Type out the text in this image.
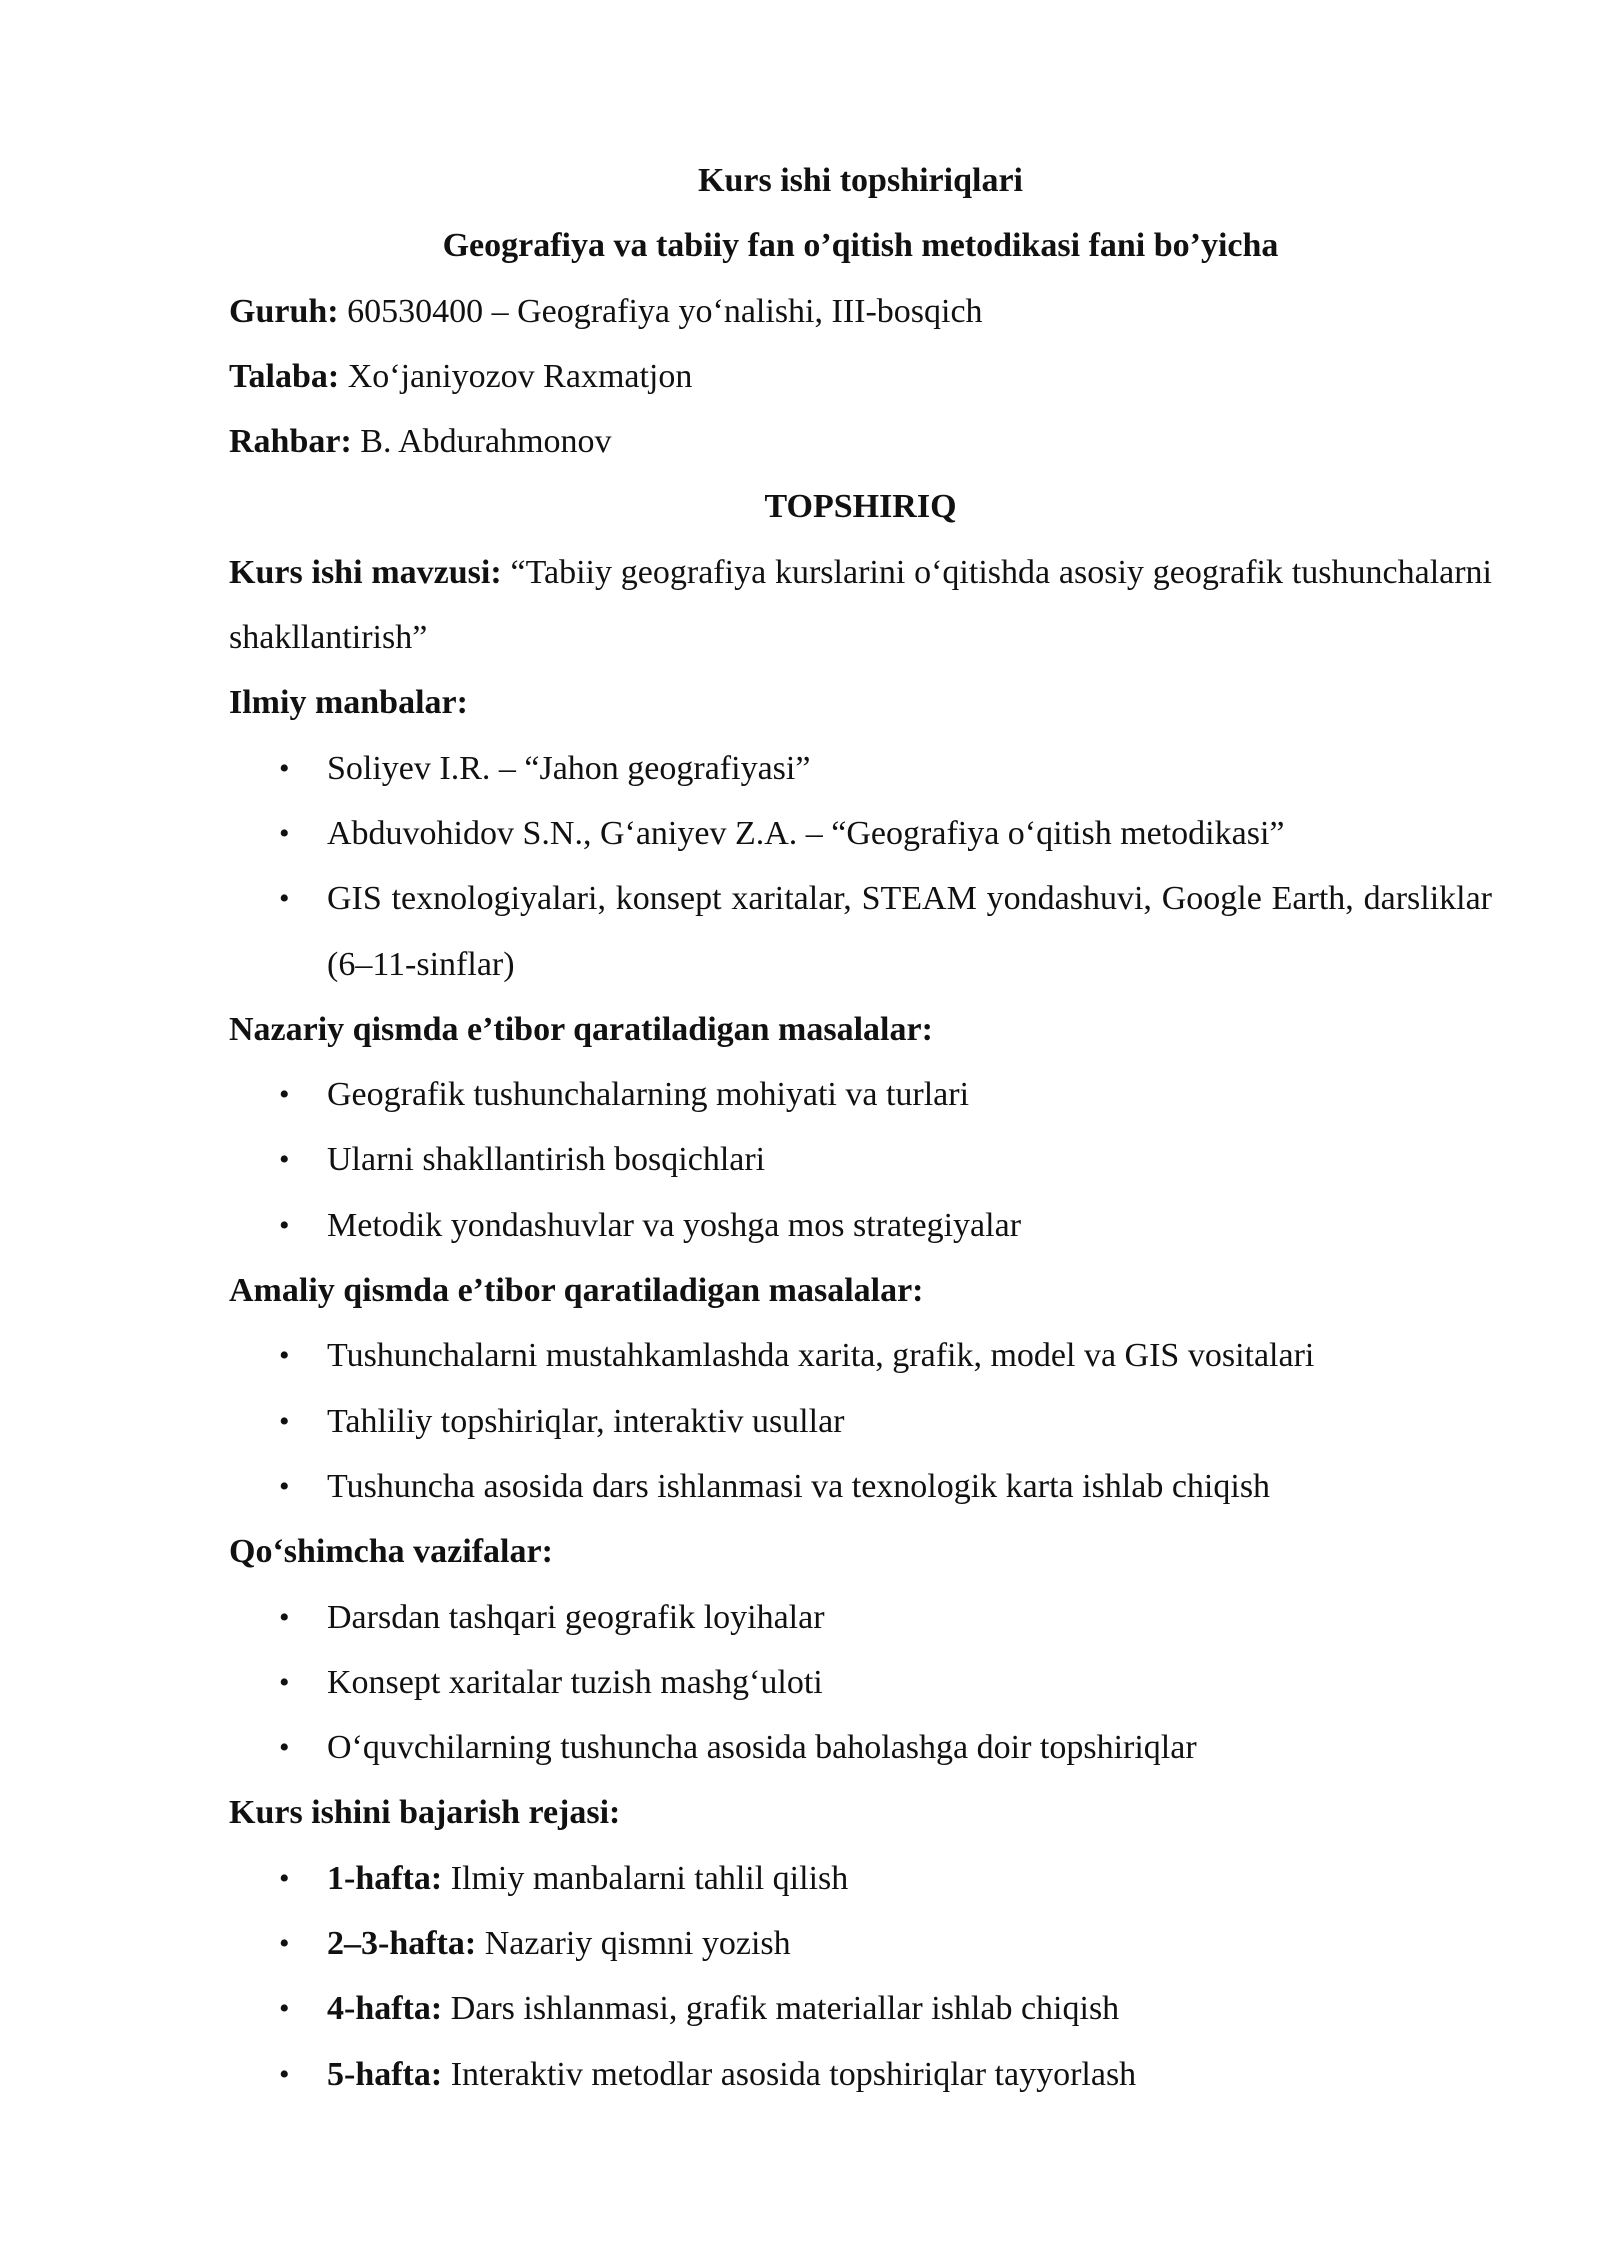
Kurs ishi topshiriqlari

Geografiya va tabiiy fan o’qitish metodikasi fani bo’yicha

Guruh: 60530400 – Geografiya yo‘nalishi, III-bosqich

Talaba: Xo‘janiyozov Raxmatjon

Rahbar: B. Abdurahmonov

TOPSHIRIQ

Kurs ishi mavzusi: “Tabiiy geografiya kurslarini o‘qitishda asosiy geografik tushunchalarni shakllantirish”

Ilmiy manbalar:

• Soliyev I.R. – “Jahon geografiyasi”
• Abduvohidov S.N., G‘aniyev Z.A. – “Geografiya o‘qitish metodikasi”
• GIS texnologiyalari, konsept xaritalar, STEAM yondashuvi, Google Earth, darsliklar (6–11-sinflar)

Nazariy qismda e’tibor qaratiladigan masalalar:

• Geografik tushunchalarning mohiyati va turlari
• Ularni shakllantirish bosqichlari
• Metodik yondashuvlar va yoshga mos strategiyalar

Amaliy qismda e’tibor qaratiladigan masalalar:

• Tushunchalarni mustahkamlashda xarita, grafik, model va GIS vositalari
• Tahliliy topshiriqlar, interaktiv usullar
• Tushuncha asosida dars ishlanmasi va texnologik karta ishlab chiqish

Qo‘shimcha vazifalar:

• Darsdan tashqari geografik loyihalar
• Konsept xaritalar tuzish mashg‘uloti
• O‘quvchilarning tushuncha asosida baholashga doir topshiriqlar

Kurs ishini bajarish rejasi:

• 1-hafta: Ilmiy manbalarni tahlil qilish
• 2–3-hafta: Nazariy qismni yozish
• 4-hafta: Dars ishlanmasi, grafik materiallar ishlab chiqish
• 5-hafta: Interaktiv metodlar asosida topshiriqlar tayyorlash
